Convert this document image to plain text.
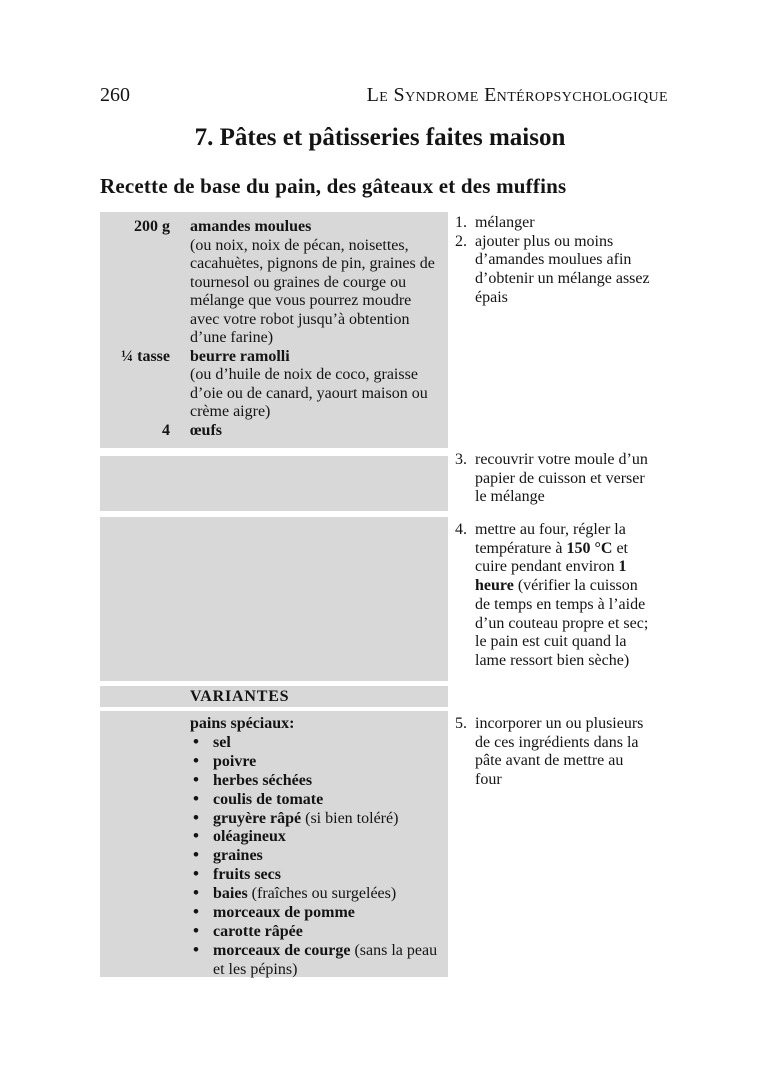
260	Le Syndrome Entéropsychologique
7. Pâtes et pâtisseries faites maison
Recette de base du pain, des gâteaux et des muffins
200 g amandes moulues
(ou noix, noix de pécan, noisettes, cacahuètes, pignons de pin, graines de tournesol ou graines de courge ou mélange que vous pourrez moudre avec votre robot jusqu’à obtention d’une farine)
¼ tasse beurre ramolli
(ou d’huile de noix de coco, graisse d’oie ou de canard, yaourt maison ou crème aigre)
4 œufs
VARIANTES
pains spéciaux:
• sel
• poivre
• herbes séchées
• coulis de tomate
• gruyère râpé (si bien toléré)
• oléagineux
• graines
• fruits secs
• baies (fraîches ou surgelées)
• morceaux de pomme
• carotte râpée
• morceaux de courge (sans la peau et les pépins)
1. mélanger
2. ajouter plus ou moins d’amandes moulues afin d’obtenir un mélange assez épais
3. recouvrir votre moule d’un papier de cuisson et verser le mélange
4. mettre au four, régler la température à 150 °C et cuire pendant environ 1 heure (vérifier la cuisson de temps en temps à l’aide d’un couteau propre et sec; le pain est cuit quand la lame ressort bien sèche)
5. incorporer un ou plusieurs de ces ingrédients dans la pâte avant de mettre au four
